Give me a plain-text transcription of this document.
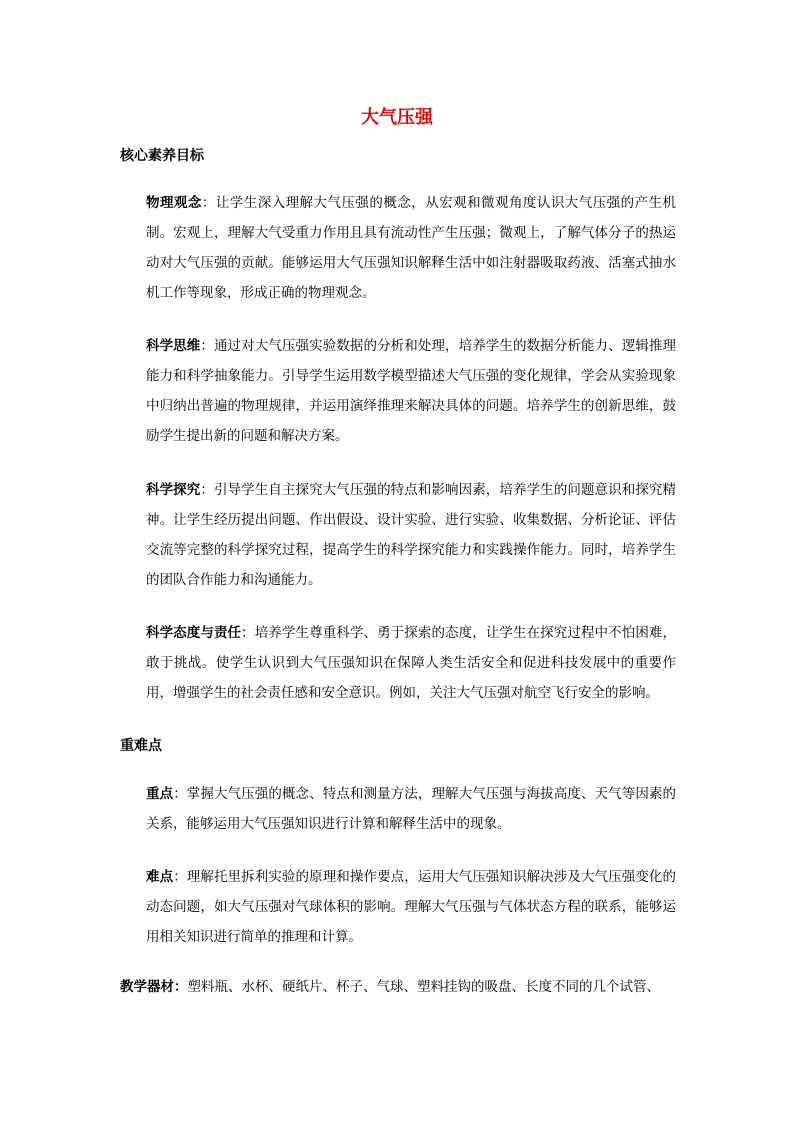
大气压强
核心素养目标
物理观念：让学生深入理解大气压强的概念，从宏观和微观角度认识大气压强的产生机制。宏观上，理解大气受重力作用且具有流动性产生压强；微观上，了解气体分子的热运动对大气压强的贡献。能够运用大气压强知识解释生活中如注射器吸取药液、活塞式抽水机工作等现象，形成正确的物理观念。
科学思维：通过对大气压强实验数据的分析和处理，培养学生的数据分析能力、逻辑推理能力和科学抽象能力。引导学生运用数学模型描述大气压强的变化规律，学会从实验现象中归纳出普遍的物理规律，并运用演绎推理来解决具体的问题。培养学生的创新思维，鼓励学生提出新的问题和解决方案。
科学探究：引导学生自主探究大气压强的特点和影响因素，培养学生的问题意识和探究精神。让学生经历提出问题、作出假设、设计实验、进行实验、收集数据、分析论证、评估交流等完整的科学探究过程，提高学生的科学探究能力和实践操作能力。同时，培养学生的团队合作能力和沟通能力。
科学态度与责任：培养学生尊重科学、勇于探索的态度，让学生在探究过程中不怕困难，敢于挑战。使学生认识到大气压强知识在保障人类生活安全和促进科技发展中的重要作用，增强学生的社会责任感和安全意识。例如，关注大气压强对航空飞行安全的影响。
重难点
重点：掌握大气压强的概念、特点和测量方法，理解大气压强与海拔高度、天气等因素的关系，能够运用大气压强知识进行计算和解释生活中的现象。
难点：理解托里拆利实验的原理和操作要点，运用大气压强知识解决涉及大气压强变化的动态问题，如大气压强对气球体积的影响。理解大气压强与气体状态方程的联系，能够运用相关知识进行简单的推理和计算。
教学器材：塑料瓶、水杯、硬纸片、杯子、气球、塑料挂钩的吸盘、长度不同的几个试管、
